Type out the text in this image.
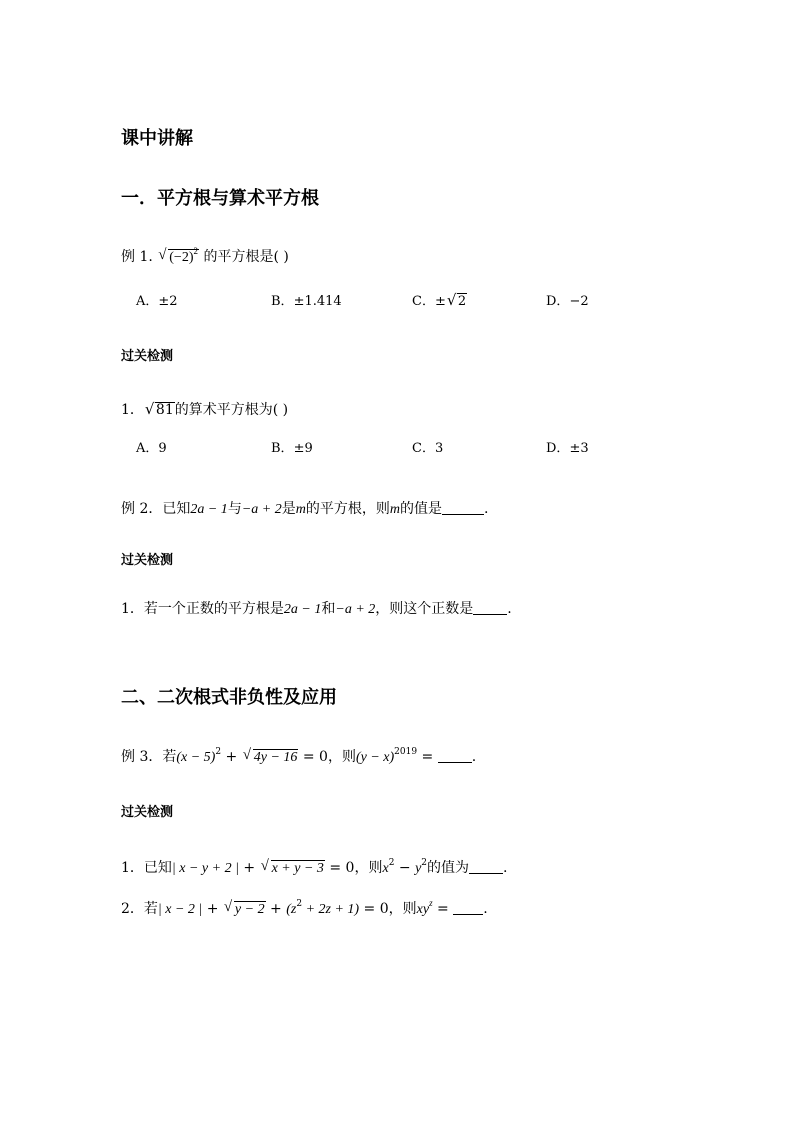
课中讲解
一．平方根与算术平方根
例 1. √ $(-2)^2$ 的平方根是( )
A．±2	B．±1.414	C．± √ 2	D．−2
过关检测
1． √ 81的算术平方根为( )
A．9	B．±9	C．3	D．±3
例 2．已知2a − 1与−a + 2是m的平方根，则m的值是	.
过关检测
1．若一个正数的平方根是2a − 1和−a + 2，则这个正数是 .
二、二次根式非负性及应用
例 3．若$(x - 5)^2$ + √ 4y − 16 = 0，则$(y - x)^{2019}$ = .
过关检测
1．已知| x − y + 2 | + √ x + y − 3 = 0，则$x^2 - y^2$的值为 .
2．若| x − 2 | + √ $y - 2 + (z^2 + 2z + 1) = 0$，则$xy^z$ = .
